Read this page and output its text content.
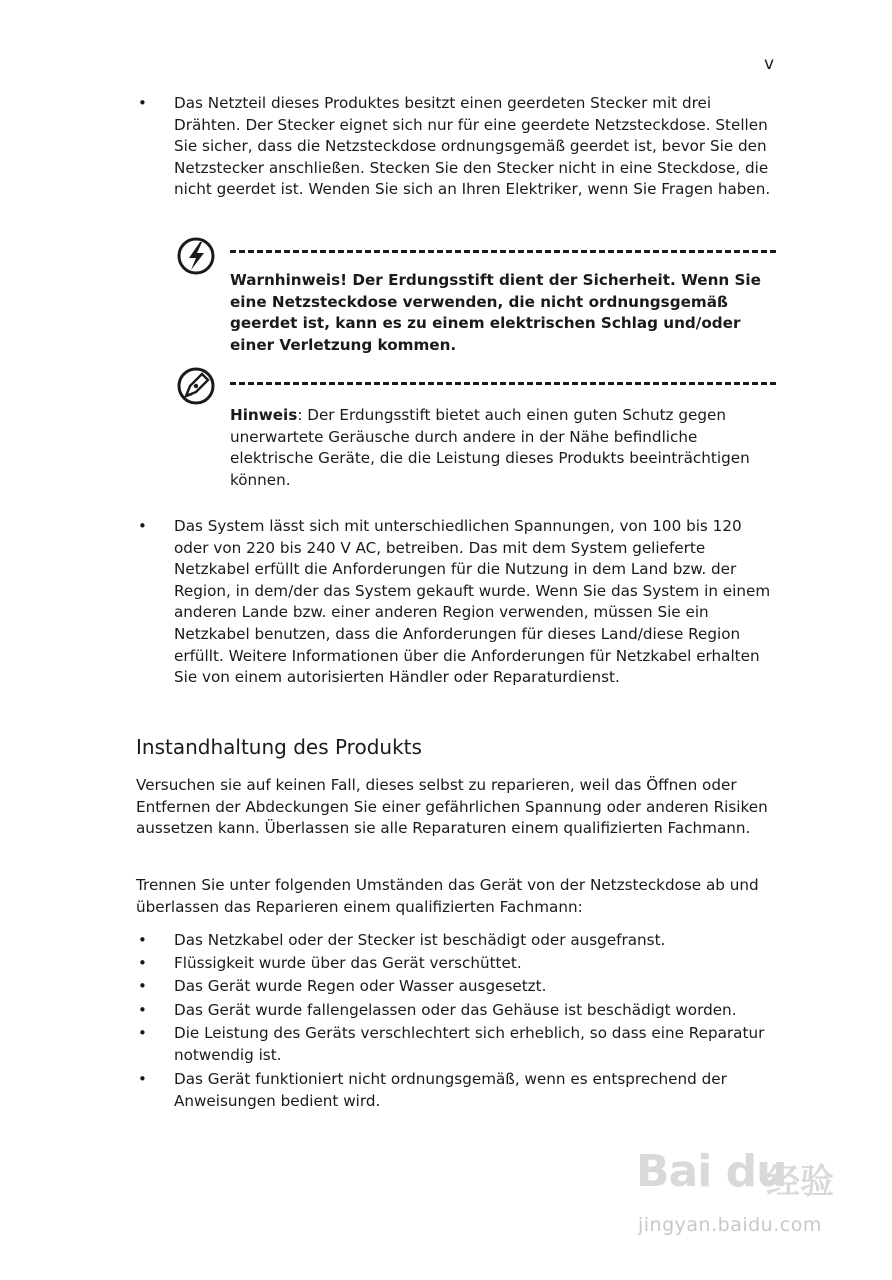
v
•	Das Netzteil dieses Produktes besitzt einen geerdeten Stecker mit drei Drähten. Der Stecker eignet sich nur für eine geerdete Netzsteckdose. Stellen Sie sicher, dass die Netzsteckdose ordnungsgemäß geerdet ist, bevor Sie den Netzstecker anschließen. Stecken Sie den Stecker nicht in eine Steckdose, die nicht geerdet ist. Wenden Sie sich an Ihren Elektriker, wenn Sie Fragen haben.
Warnhinweis! Der Erdungsstift dient der Sicherheit. Wenn Sie eine Netzsteckdose verwenden, die nicht ordnungsgemäß geerdet ist, kann es zu einem elektrischen Schlag und/oder einer Verletzung kommen.
Hinweis: Der Erdungsstift bietet auch einen guten Schutz gegen unerwartete Geräusche durch andere in der Nähe befindliche elektrische Geräte, die die Leistung dieses Produkts beeinträchtigen können.
•	Das System lässt sich mit unterschiedlichen Spannungen, von 100 bis 120 oder von 220 bis 240 V AC, betreiben. Das mit dem System gelieferte Netzkabel erfüllt die Anforderungen für die Nutzung in dem Land bzw. der Region, in dem/der das System gekauft wurde. Wenn Sie das System in einem anderen Lande bzw. einer anderen Region verwenden, müssen Sie ein Netzkabel benutzen, dass die Anforderungen für dieses Land/diese Region erfüllt. Weitere Informationen über die Anforderungen für Netzkabel erhalten Sie von einem autorisierten Händler oder Reparaturdienst.
Instandhaltung des Produkts
Versuchen sie auf keinen Fall, dieses selbst zu reparieren, weil das Öffnen oder Entfernen der Abdeckungen Sie einer gefährlichen Spannung oder anderen Risiken aussetzen kann. Überlassen sie alle Reparaturen einem qualifizierten Fachmann.
Trennen Sie unter folgenden Umständen das Gerät von der Netzsteckdose ab und überlassen das Reparieren einem qualifizierten Fachmann:
•	Das Netzkabel oder der Stecker ist beschädigt oder ausgefranst.
•	Flüssigkeit wurde über das Gerät verschüttet.
•	Das Gerät wurde Regen oder Wasser ausgesetzt.
•	Das Gerät wurde fallengelassen oder das Gehäuse ist beschädigt worden.
•	Die Leistung des Geräts verschlechtert sich erheblich, so dass eine Reparatur notwendig ist.
•	Das Gerät funktioniert nicht ordnungsgemäß, wenn es entsprechend der Anweisungen bedient wird.
Bai du
经验
jingyan.baidu.com
